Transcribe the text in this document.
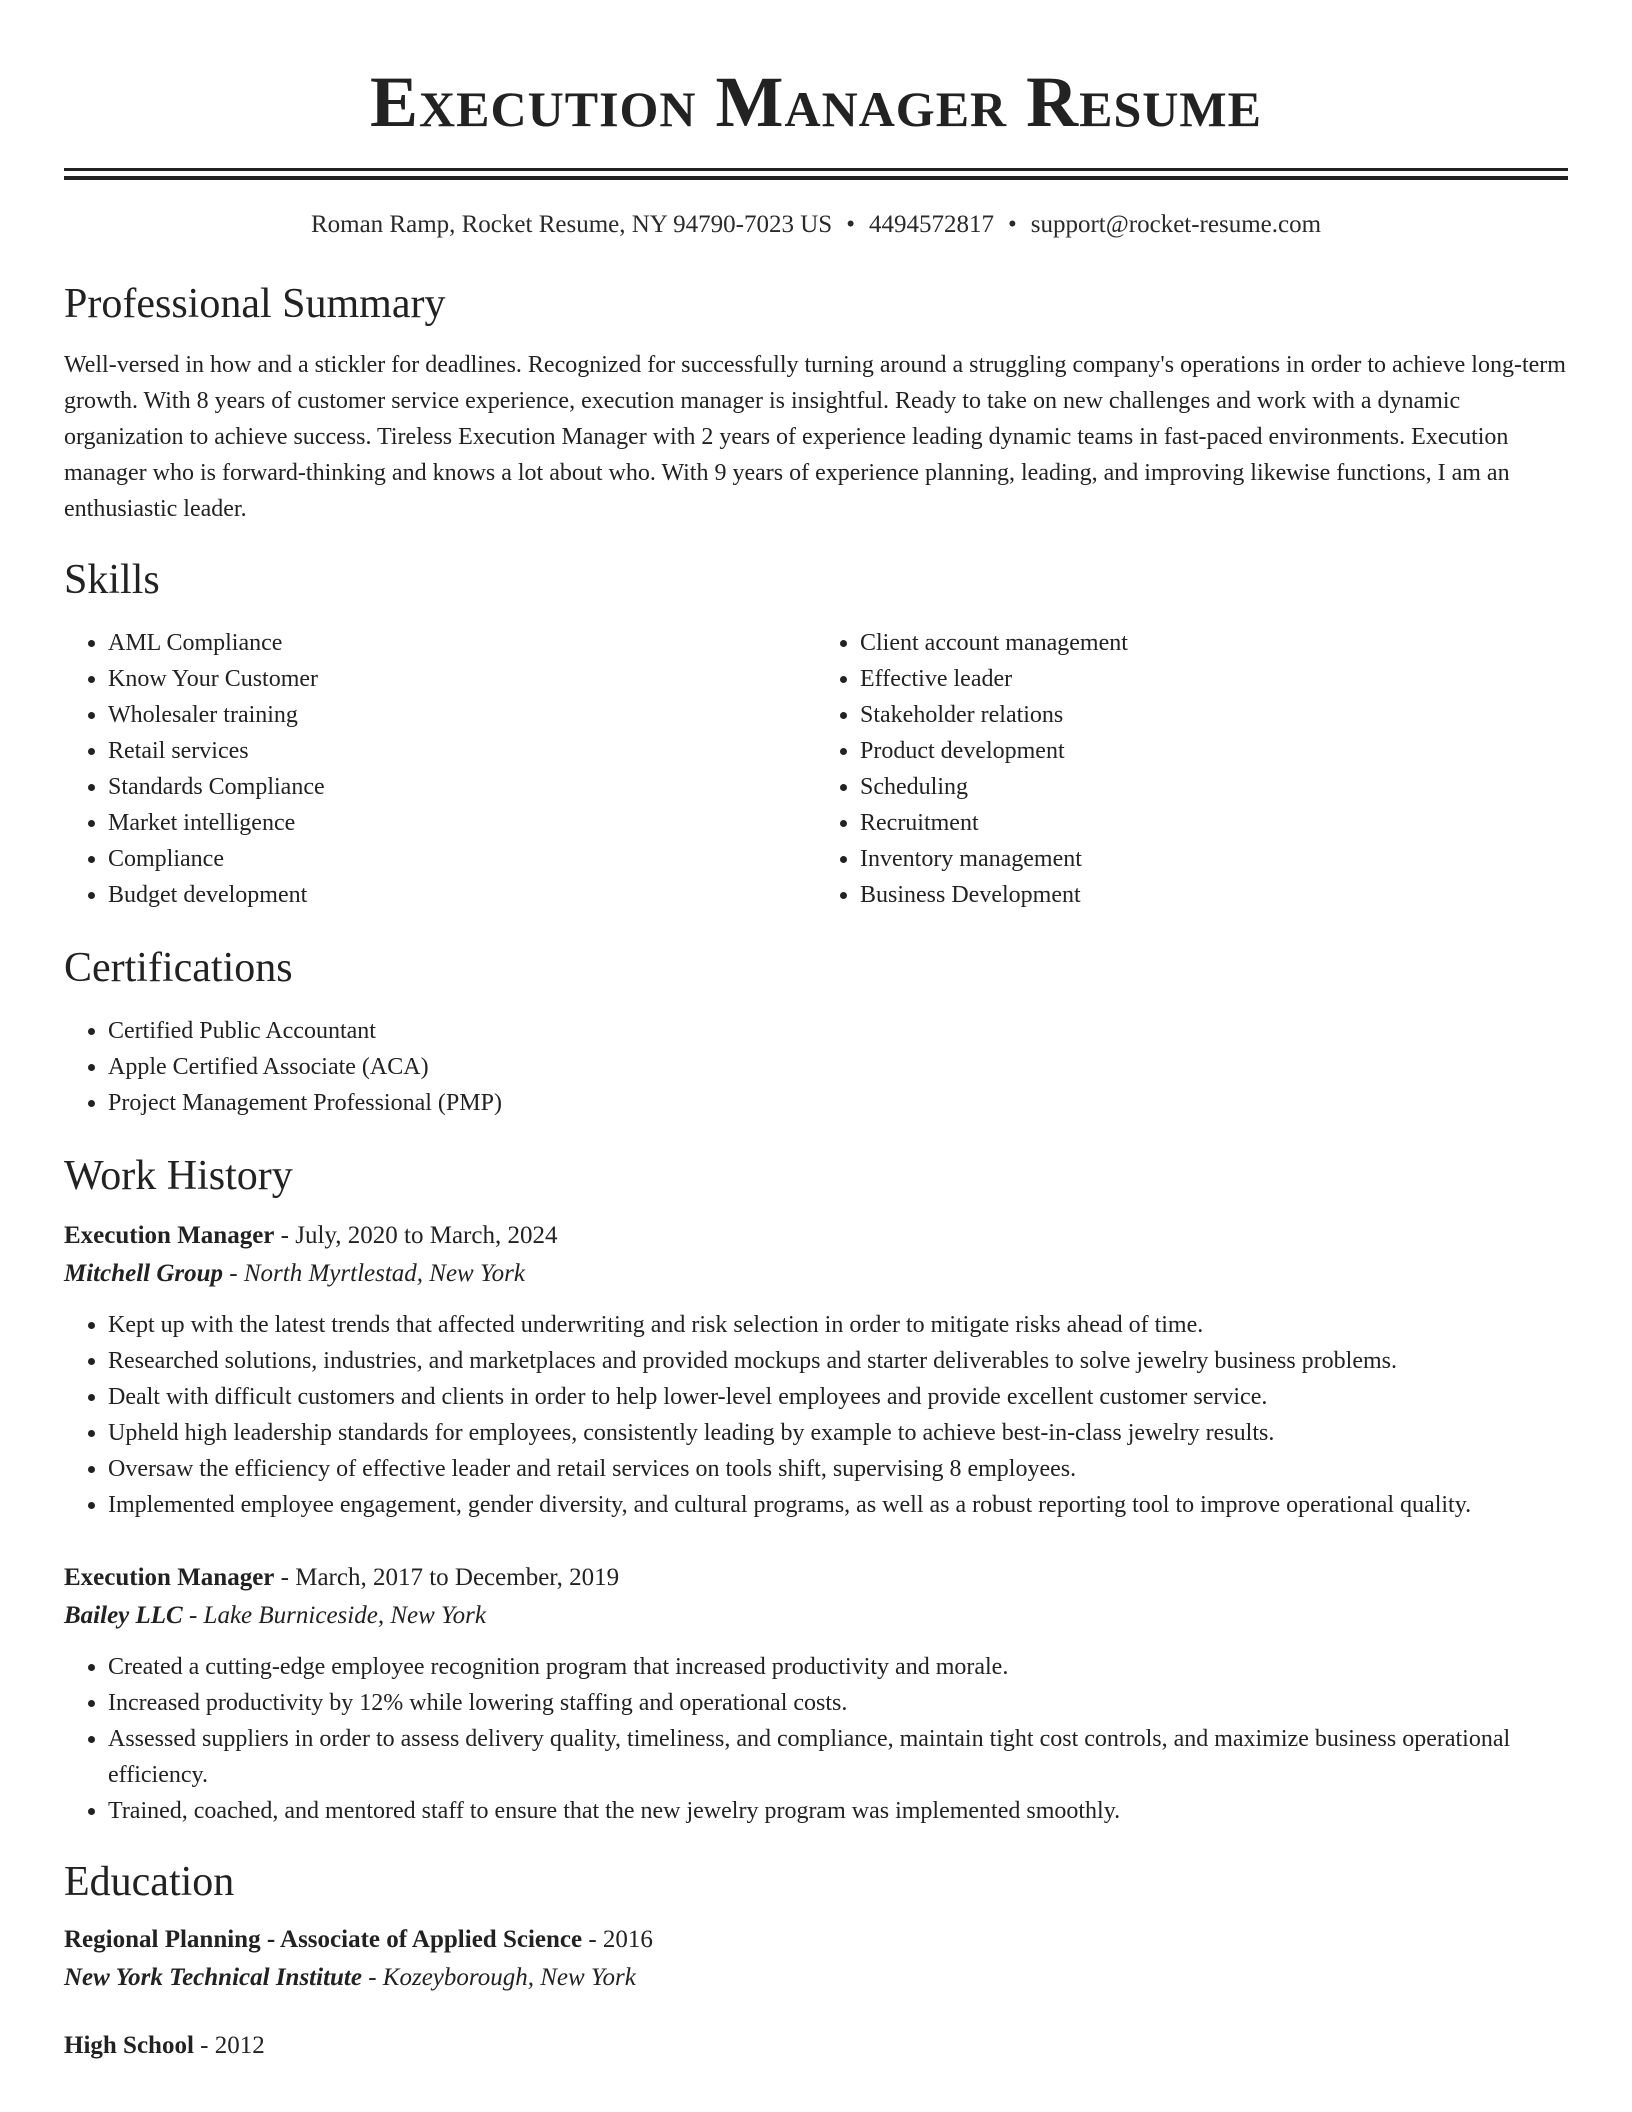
Execution Manager Resume
Roman Ramp, Rocket Resume, NY 94790-7023 US • 4494572817 • support@rocket-resume.com
Professional Summary

Well-versed in how and a stickler for deadlines. Recognized for successfully turning around a struggling company's operations in order to achieve long-term growth. With 8 years of customer service experience, execution manager is insightful. Ready to take on new challenges and work with a dynamic organization to achieve success. Tireless Execution Manager with 2 years of experience leading dynamic teams in fast-paced environments. Execution manager who is forward-thinking and knows a lot about who. With 9 years of experience planning, leading, and improving likewise functions, I am an enthusiastic leader.

Skills
• AML Compliance
• Know Your Customer
• Wholesaler training
• Retail services
• Standards Compliance
• Market intelligence
• Compliance
• Budget development
• Client account management
• Effective leader
• Stakeholder relations
• Product development
• Scheduling
• Recruitment
• Inventory management
• Business Development
Certifications
• Certified Public Accountant
• Apple Certified Associate (ACA)
• Project Management Professional (PMP)
Work History
Execution Manager - July, 2020 to March, 2024
Mitchell Group - North Myrtlestad, New York
• Kept up with the latest trends that affected underwriting and risk selection in order to mitigate risks ahead of time.
• Researched solutions, industries, and marketplaces and provided mockups and starter deliverables to solve jewelry business problems.
• Dealt with difficult customers and clients in order to help lower-level employees and provide excellent customer service.
• Upheld high leadership standards for employees, consistently leading by example to achieve best-in-class jewelry results.
• Oversaw the efficiency of effective leader and retail services on tools shift, supervising 8 employees.
• Implemented employee engagement, gender diversity, and cultural programs, as well as a robust reporting tool to improve operational quality.
Execution Manager - March, 2017 to December, 2019
Bailey LLC - Lake Burniceside, New York
• Created a cutting-edge employee recognition program that increased productivity and morale.
• Increased productivity by 12% while lowering staffing and operational costs.
• Assessed suppliers in order to assess delivery quality, timeliness, and compliance, maintain tight cost controls, and maximize business operational efficiency.
• Trained, coached, and mentored staff to ensure that the new jewelry program was implemented smoothly.
Education
Regional Planning - Associate of Applied Science - 2016
New York Technical Institute - Kozeyborough, New York
High School - 2012
